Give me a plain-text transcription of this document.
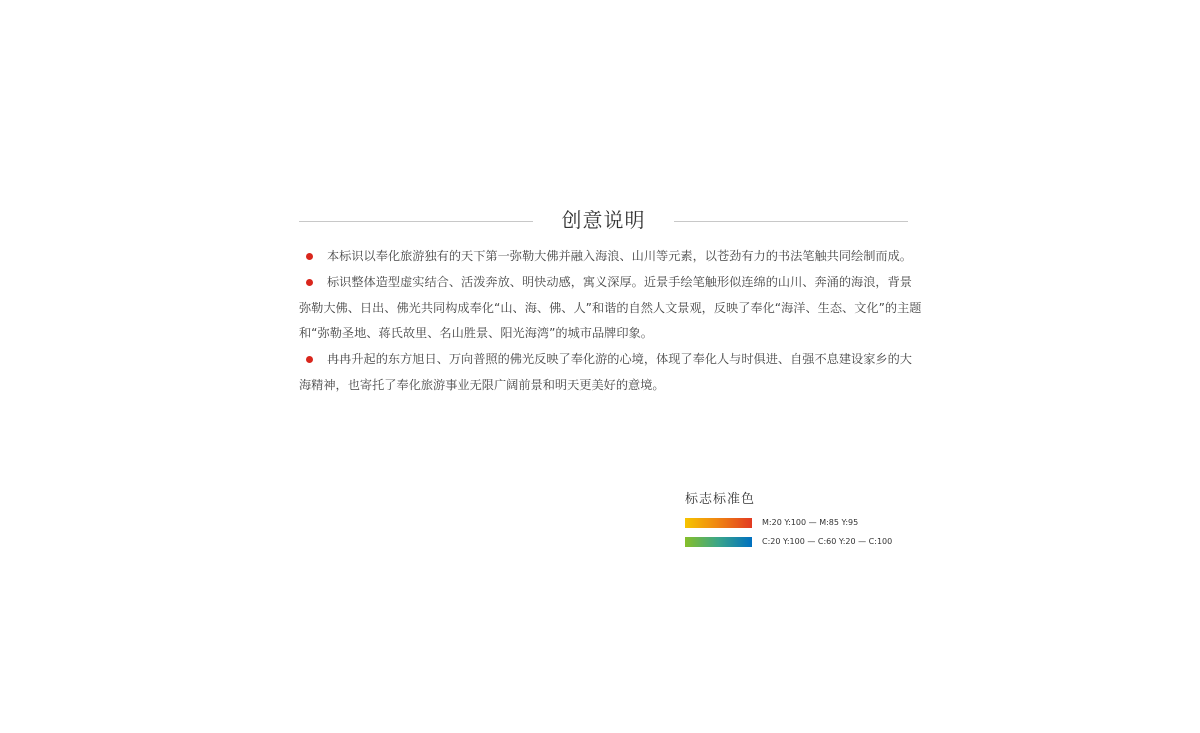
创意说明

本标识以奉化旅游独有的天下第一弥勒大佛并融入海浪、山川等元素，以苍劲有力的书法笔触共同绘制而成。

标识整体造型虚实结合、活泼奔放、明快动感，寓义深厚。近景手绘笔触形似连绵的山川、奔涌的海浪，背景弥勒大佛、日出、佛光共同构成奉化“山、海、佛、人”和谐的自然人文景观，反映了奉化“海洋、生态、文化”的主题和“弥勒圣地、蒋氏故里、名山胜景、阳光海湾”的城市品牌印象。

冉冉升起的东方旭日、万向普照的佛光反映了奉化游的心境，体现了奉化人与时俱进、自强不息建设家乡的大海精神，也寄托了奉化旅游事业无限广阔前景和明天更美好的意境。

标志标准色
M:20 Y:100 — M:85 Y:95
C:20 Y:100 — C:60 Y:20 — C:100
